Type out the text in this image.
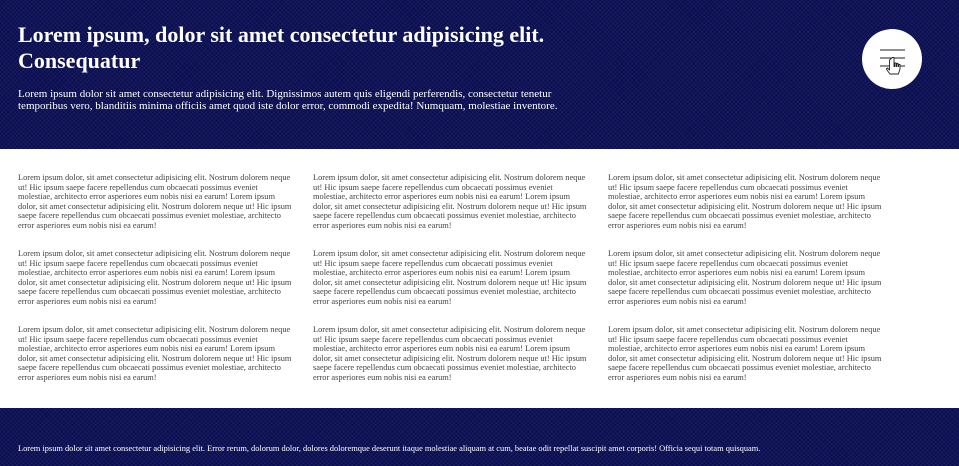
Lorem ipsum, dolor sit amet consectetur adipisicing elit. Consequatur

Lorem ipsum dolor sit amet consectetur adipisicing elit. Dignissimos autem quis eligendi perferendis, consectetur tenetur temporibus vero, blanditiis minima officiis amet quod iste dolor error, commodi expedita! Numquam, molestiae inventore.

Lorem ipsum dolor, sit amet consectetur adipisicing elit. Nostrum dolorem neque ut! Hic ipsum saepe facere repellendus cum obcaecati possimus eveniet molestiae, architecto error asperiores eum nobis nisi ea earum! Lorem ipsum dolor, sit amet consectetur adipisicing elit. Nostrum dolorem neque ut! Hic ipsum saepe facere repellendus cum obcaecati possimus eveniet molestiae, architecto error asperiores eum nobis nisi ea earum!

Lorem ipsum dolor, sit amet consectetur adipisicing elit. Nostrum dolorem neque ut! Hic ipsum saepe facere repellendus cum obcaecati possimus eveniet molestiae, architecto error asperiores eum nobis nisi ea earum! Lorem ipsum dolor, sit amet consectetur adipisicing elit. Nostrum dolorem neque ut! Hic ipsum saepe facere repellendus cum obcaecati possimus eveniet molestiae, architecto error asperiores eum nobis nisi ea earum!

Lorem ipsum dolor, sit amet consectetur adipisicing elit. Nostrum dolorem neque ut! Hic ipsum saepe facere repellendus cum obcaecati possimus eveniet molestiae, architecto error asperiores eum nobis nisi ea earum! Lorem ipsum dolor, sit amet consectetur adipisicing elit. Nostrum dolorem neque ut! Hic ipsum saepe facere repellendus cum obcaecati possimus eveniet molestiae, architecto error asperiores eum nobis nisi ea earum!

Lorem ipsum dolor, sit amet consectetur adipisicing elit. Nostrum dolorem neque ut! Hic ipsum saepe facere repellendus cum obcaecati possimus eveniet molestiae, architecto error asperiores eum nobis nisi ea earum! Lorem ipsum dolor, sit amet consectetur adipisicing elit. Nostrum dolorem neque ut! Hic ipsum saepe facere repellendus cum obcaecati possimus eveniet molestiae, architecto error asperiores eum nobis nisi ea earum!

Lorem ipsum dolor, sit amet consectetur adipisicing elit. Nostrum dolorem neque ut! Hic ipsum saepe facere repellendus cum obcaecati possimus eveniet molestiae, architecto error asperiores eum nobis nisi ea earum! Lorem ipsum dolor, sit amet consectetur adipisicing elit. Nostrum dolorem neque ut! Hic ipsum saepe facere repellendus cum obcaecati possimus eveniet molestiae, architecto error asperiores eum nobis nisi ea earum!

Lorem ipsum dolor, sit amet consectetur adipisicing elit. Nostrum dolorem neque ut! Hic ipsum saepe facere repellendus cum obcaecati possimus eveniet molestiae, architecto error asperiores eum nobis nisi ea earum! Lorem ipsum dolor, sit amet consectetur adipisicing elit. Nostrum dolorem neque ut! Hic ipsum saepe facere repellendus cum obcaecati possimus eveniet molestiae, architecto error asperiores eum nobis nisi ea earum!

Lorem ipsum dolor, sit amet consectetur adipisicing elit. Nostrum dolorem neque ut! Hic ipsum saepe facere repellendus cum obcaecati possimus eveniet molestiae, architecto error asperiores eum nobis nisi ea earum! Lorem ipsum dolor, sit amet consectetur adipisicing elit. Nostrum dolorem neque ut! Hic ipsum saepe facere repellendus cum obcaecati possimus eveniet molestiae, architecto error asperiores eum nobis nisi ea earum!

Lorem ipsum dolor, sit amet consectetur adipisicing elit. Nostrum dolorem neque ut! Hic ipsum saepe facere repellendus cum obcaecati possimus eveniet molestiae, architecto error asperiores eum nobis nisi ea earum! Lorem ipsum dolor, sit amet consectetur adipisicing elit. Nostrum dolorem neque ut! Hic ipsum saepe facere repellendus cum obcaecati possimus eveniet molestiae, architecto error asperiores eum nobis nisi ea earum!

Lorem ipsum dolor, sit amet consectetur adipisicing elit. Nostrum dolorem neque ut! Hic ipsum saepe facere repellendus cum obcaecati possimus eveniet molestiae, architecto error asperiores eum nobis nisi ea earum! Lorem ipsum dolor, sit amet consectetur adipisicing elit. Nostrum dolorem neque ut! Hic ipsum saepe facere repellendus cum obcaecati possimus eveniet molestiae, architecto error asperiores eum nobis nisi ea earum!

Lorem ipsum dolor sit amet consectetur adipisicing elit. Error rerum, dolorum dolor, dolores doloremque deserunt itaque molestiae aliquam at cum, beatae odit repellat suscipit amet corporis! Officia sequi totam quisquam.
